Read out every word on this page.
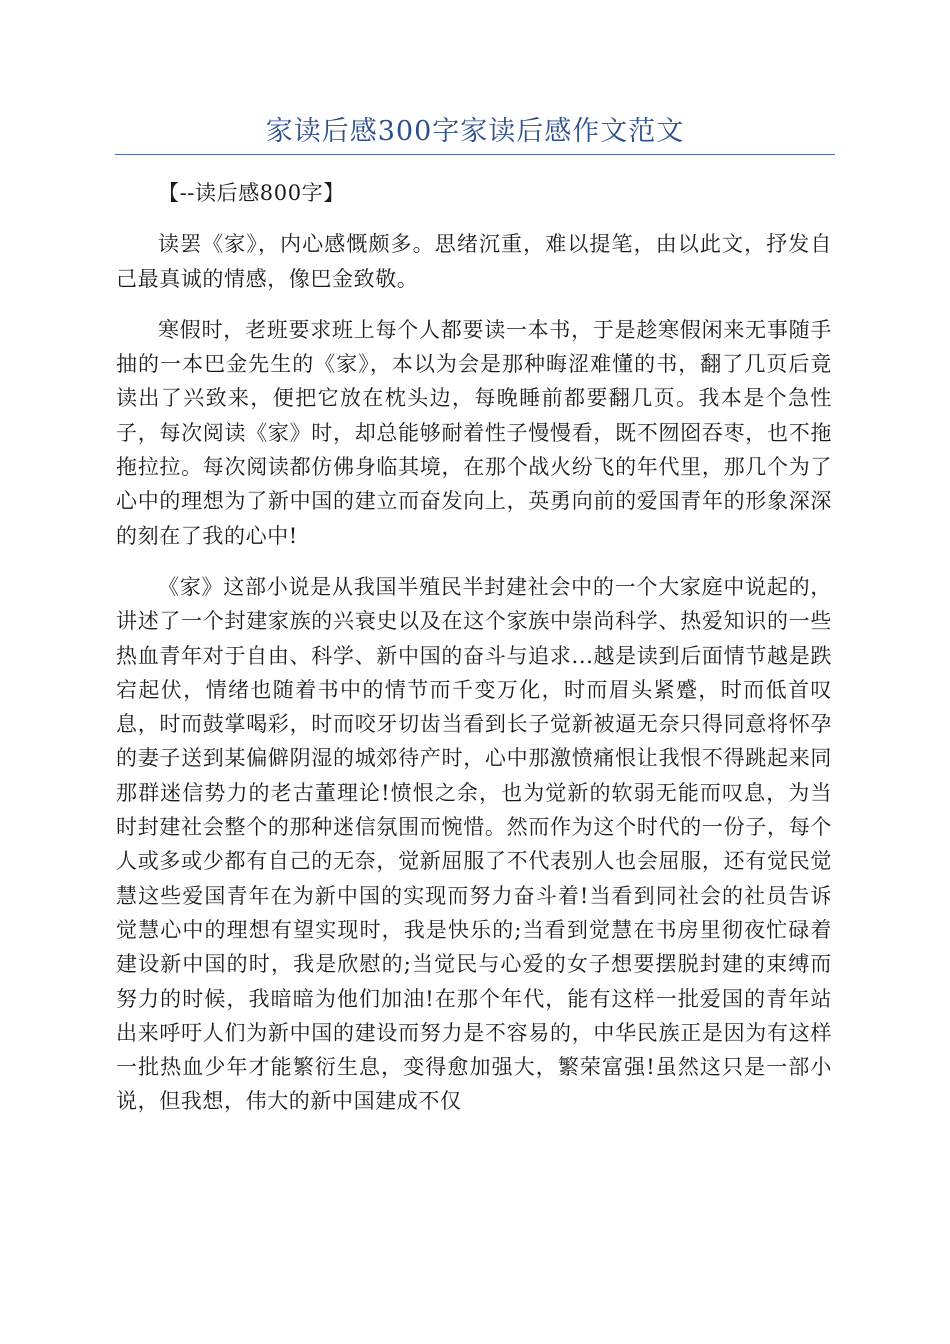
家读后感300字家读后感作文范文

【--读后感800字】

读罢《家》，内心感慨颇多。思绪沉重，难以提笔，由以此文，抒发自己最真诚的情感，像巴金致敬。

寒假时，老班要求班上每个人都要读一本书，于是趁寒假闲来无事随手抽的一本巴金先生的《家》，本以为会是那种晦涩难懂的书，翻了几页后竟读出了兴致来，便把它放在枕头边，每晚睡前都要翻几页。我本是个急性子，每次阅读《家》时，却总能够耐着性子慢慢看，既不囫囵吞枣，也不拖拖拉拉。每次阅读都仿佛身临其境，在那个战火纷飞的年代里，那几个为了心中的理想为了新中国的建立而奋发向上，英勇向前的爱国青年的形象深深的刻在了我的心中!

《家》这部小说是从我国半殖民半封建社会中的一个大家庭中说起的，讲述了一个封建家族的兴衰史以及在这个家族中崇尚科学、热爱知识的一些热血青年对于自由、科学、新中国的奋斗与追求...越是读到后面情节越是跌宕起伏，情绪也随着书中的情节而千变万化，时而眉头紧蹙，时而低首叹息，时而鼓掌喝彩，时而咬牙切齿当看到长子觉新被逼无奈只得同意将怀孕的妻子送到某偏僻阴湿的城郊待产时，心中那激愤痛恨让我恨不得跳起来同那群迷信势力的老古董理论!愤恨之余，也为觉新的软弱无能而叹息，为当时封建社会整个的那种迷信氛围而惋惜。然而作为这个时代的一份子，每个人或多或少都有自己的无奈，觉新屈服了不代表别人也会屈服，还有觉民觉慧这些爱国青年在为新中国的实现而努力奋斗着!当看到同社会的社员告诉觉慧心中的理想有望实现时，我是快乐的;当看到觉慧在书房里彻夜忙碌着建设新中国的时，我是欣慰的;当觉民与心爱的女子想要摆脱封建的束缚而努力的时候，我暗暗为他们加油!在那个年代，能有这样一批爱国的青年站出来呼吁人们为新中国的建设而努力是不容易的，中华民族正是因为有这样一批热血少年才能繁衍生息，变得愈加强大，繁荣富强!虽然这只是一部小说，但我想，伟大的新中国建成不仅
